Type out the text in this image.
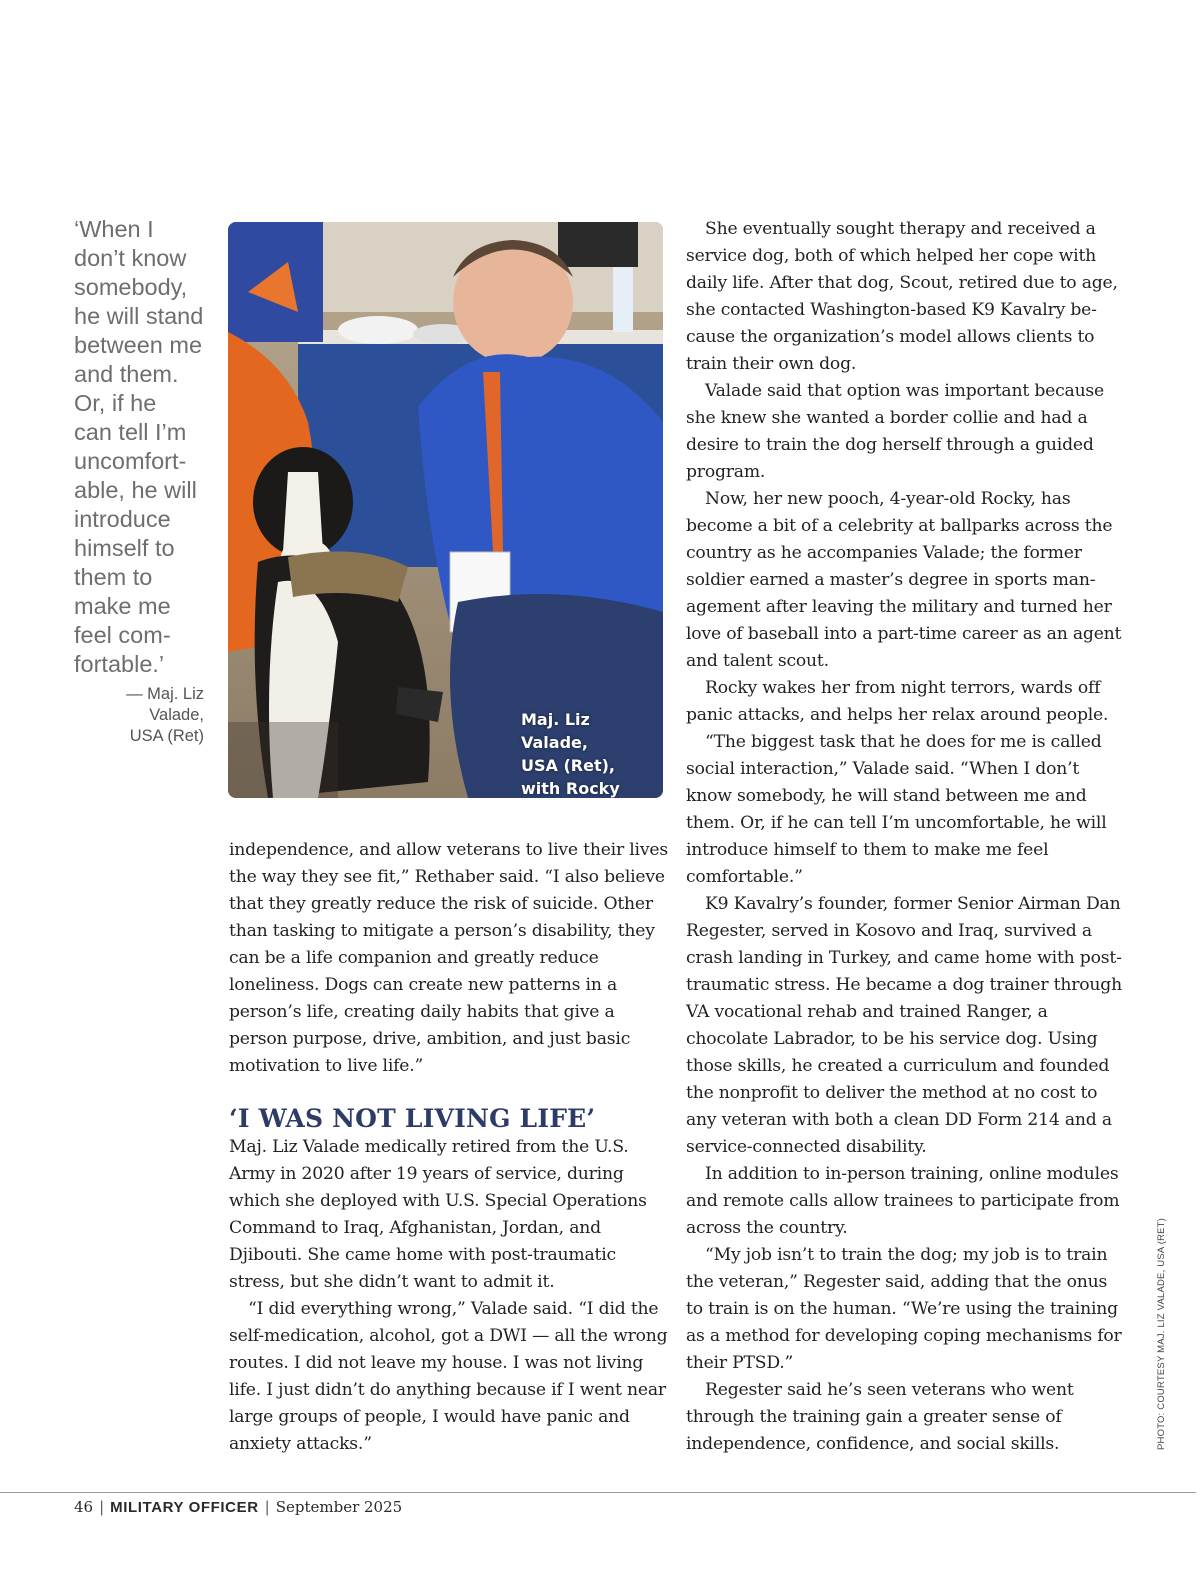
‘When I

don’t know

somebody,

he will stand

between me

and them.

Or, if he

can tell I’m

uncomfort-

able, he will

introduce

himself to

them to

make me

feel com-

fortable.’

— Maj. Liz
Valade,
USA (Ret)
Maj. Liz Valade,
USA (Ret),
with Rocky

independence, and allow veterans to live their lives the way they see fit,” Rethaber said. “I also believe that they greatly reduce the risk of suicide. Other than tasking to mitigate a person’s disability, they can be a life companion and greatly reduce loneliness. Dogs can create new patterns in a person’s life, creating daily habits that give a person purpose, drive, ambition, and just basic motivation to live life.”

‘I WAS NOT LIVING LIFE’

Maj. Liz Valade medically retired from the U.S. Army in 2020 after 19 years of service, during which she deployed with U.S. Special Operations Command to Iraq, Afghanistan, Jordan, and Djibouti. She came home with post-traumatic stress, but she didn’t want to admit it.

“I did everything wrong,” Valade said. “I did the self-medication, alcohol, got a DWI — all the wrong routes. I did not leave my house. I was not living life. I just didn’t do anything because if I went near large groups of people, I would have panic and anxiety attacks.”

She eventually sought therapy and received a service dog, both of which helped her cope with daily life. After that dog, Scout, retired due to age, she contacted Washington-based K9 Kavalry because the organization’s model allows clients to train their own dog.

Valade said that option was important because she knew she wanted a border collie and had a desire to train the dog herself through a guided program.

Now, her new pooch, 4-year-old Rocky, has become a bit of a celebrity at ballparks across the country as he accompanies Valade; the former soldier earned a master’s degree in sports management after leaving the military and turned her love of baseball into a part-time career as an agent and talent scout.

Rocky wakes her from night terrors, wards off panic attacks, and helps her relax around people.

“The biggest task that he does for me is called social interaction,” Valade said. “When I don’t know somebody, he will stand between me and them. Or, if he can tell I’m uncomfortable, he will introduce himself to them to make me feel comfortable.”

K9 Kavalry’s founder, former Senior Airman Dan Regester, served in Kosovo and Iraq, survived a crash landing in Turkey, and came home with post-traumatic stress. He became a dog trainer through VA vocational rehab and trained Ranger, a chocolate Labrador, to be his service dog. Using those skills, he created a curriculum and founded the nonprofit to deliver the method at no cost to any veteran with both a clean DD Form 214 and a service-connected disability.

In addition to in-person training, online modules and remote calls allow trainees to participate from across the country.

“My job isn’t to train the dog; my job is to train the veteran,” Regester said, adding that the onus to train is on the human. “We’re using the training as a method for developing coping mechanisms for their PTSD.”

Regester said he’s seen veterans who went through the training gain a greater sense of independence, confidence, and social skills.	PHOTO: COURTESY MAJ. LIZ VALADE, USA (RET)
46 | MILITARY OFFICER | September 2025
